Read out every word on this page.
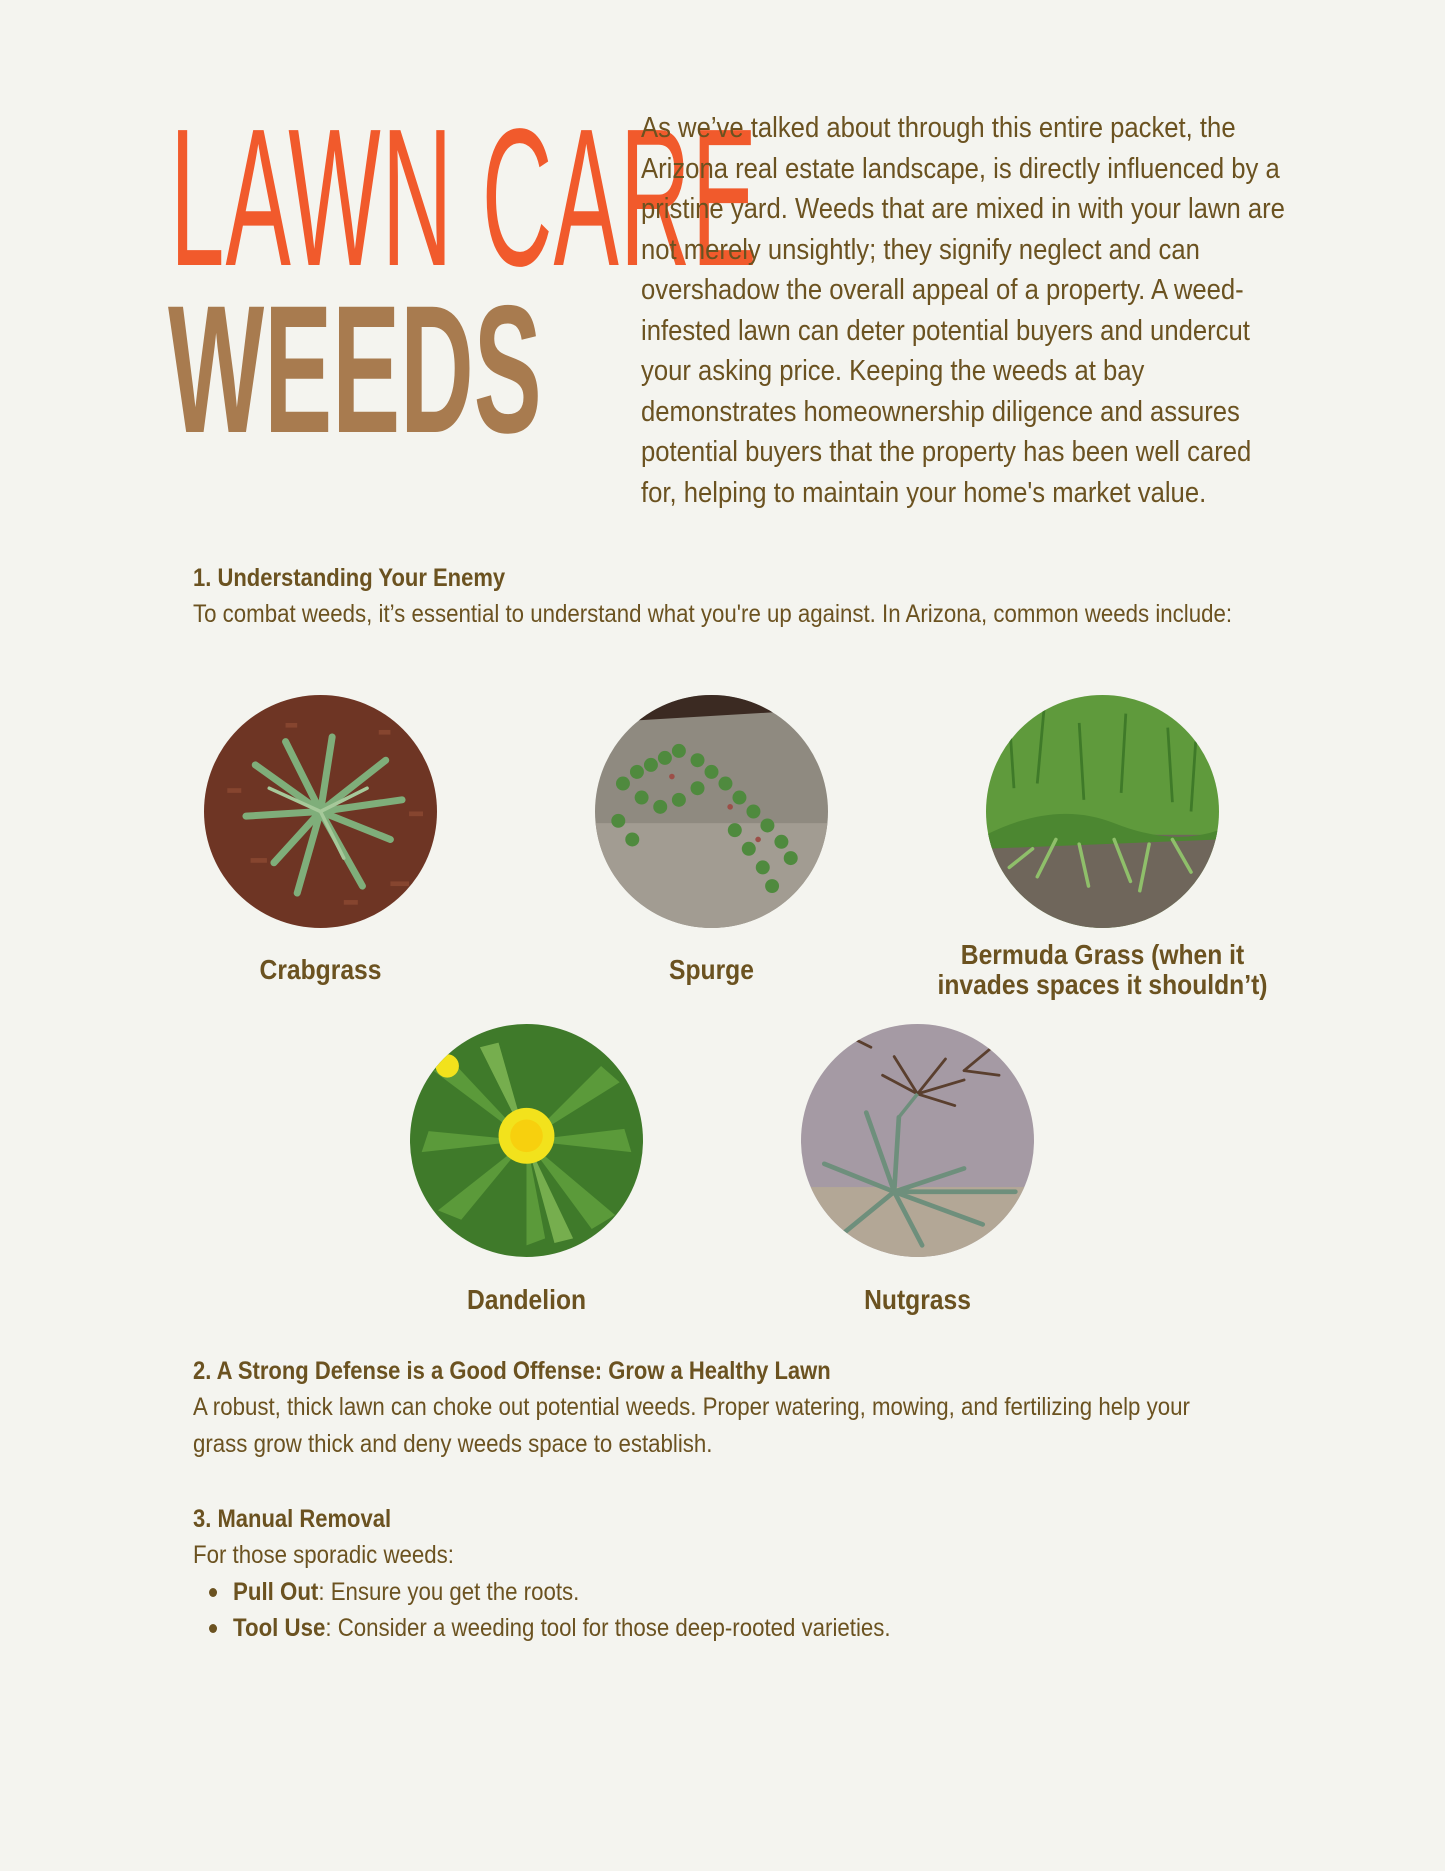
LAWN CARE
WEEDS
As we’ve talked about through this entire packet, the Arizona real estate landscape, is directly influenced by a pristine yard. Weeds that are mixed in with your lawn are not merely unsightly; they signify neglect and can overshadow the overall appeal of a property. A weed-infested lawn can deter potential buyers and undercut your asking price. Keeping the weeds at bay demonstrates homeownership diligence and assures potential buyers that the property has been well cared for, helping to maintain your home's market value.
1. Understanding Your Enemy
To combat weeds, it’s essential to understand what you're up against. In Arizona, common weeds include:
Crabgrass	Spurge	Bermuda Grass (when it
invades spaces it shouldn’t)
Dandelion	Nutgrass
2. A Strong Defense is a Good Offense: Grow a Healthy Lawn
A robust, thick lawn can choke out potential weeds. Proper watering, mowing, and fertilizing help your grass grow thick and deny weeds space to establish.
3. Manual Removal
For those sporadic weeds:
Pull Out: Ensure you get the roots.
Tool Use: Consider a weeding tool for those deep-rooted varieties.
